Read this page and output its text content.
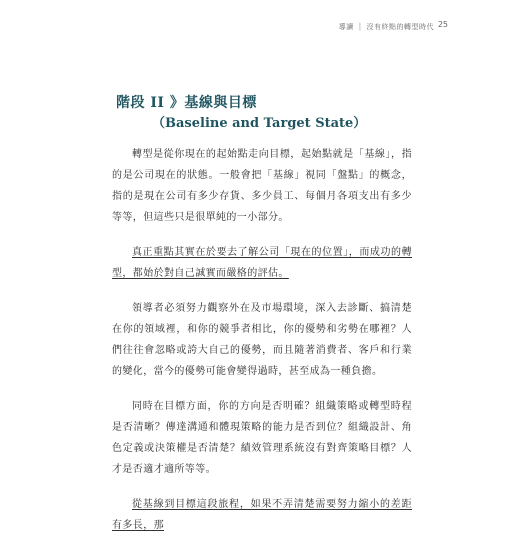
導讀 │ 沒有終點的轉型時代 25
階段 II 》基線與目標
（Baseline and Target State）

轉型是從你現在的起始點走向目標，起始點就是「基線」，指的是公司現在的狀態。一般會把「基線」視同「盤點」的概念，指的是現在公司有多少存貨、多少員工、每個月各項支出有多少等等，但這些只是很單純的一小部分。

真正重點其實在於要去了解公司「現在的位置」，而成功的轉型，都始於對自己誠實而嚴格的評估。

領導者必須努力觀察外在及市場環境，深入去診斷、搞清楚在你的領域裡，和你的競爭者相比，你的優勢和劣勢在哪裡？人們往往會忽略或誇大自己的優勢，而且隨著消費者、客戶和行業的變化，當今的優勢可能會變得過時，甚至成為一種負擔。

同時在目標方面，你的方向是否明確？組織策略或轉型時程是否清晰？傳達溝通和體現策略的能力是否到位？組織設計、角色定義或決策權是否清楚？績效管理系統沒有對齊策略目標？人才是否適才適所等等。

從基線到目標這段旅程，如果不弄清楚需要努力縮小的差距有多長，那
